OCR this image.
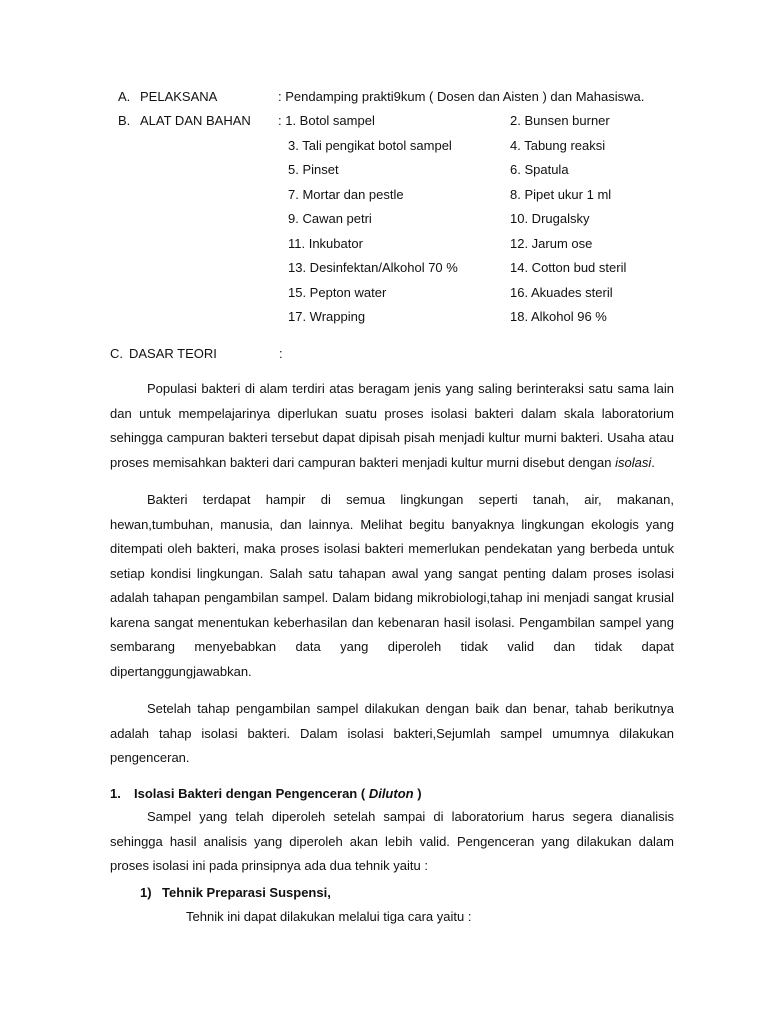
A. PELAKSANA	: Pendamping prakti9kum ( Dosen dan Aisten ) dan Mahasiswa.
B. ALAT DAN BAHAN : 1. Botol sampel	2. Bunsen burner
3. Tali pengikat botol sampel	4. Tabung reaksi
5. Pinset	6. Spatula
7. Mortar dan pestle	8. Pipet ukur 1 ml
9. Cawan petri	10. Drugalsky
11. Inkubator	12. Jarum ose
13. Desinfektan/Alkohol 70 %	14. Cotton bud steril
15. Pepton water	16. Akuades steril
17. Wrapping	18. Alkohol 96 %
C. DASAR TEORI	:

Populasi bakteri di alam terdiri atas beragam jenis yang saling berinteraksi satu sama lain dan untuk mempelajarinya diperlukan suatu proses isolasi bakteri dalam skala laboratorium sehingga campuran bakteri tersebut dapat dipisah pisah menjadi kultur murni bakteri. Usaha atau proses memisahkan bakteri dari campuran bakteri menjadi kultur murni disebut dengan isolasi.

Bakteri terdapat hampir di semua lingkungan seperti tanah, air, makanan, hewan,tumbuhan, manusia, dan lainnya. Melihat begitu banyaknya lingkungan ekologis yang ditempati oleh bakteri, maka proses isolasi bakteri memerlukan pendekatan yang berbeda untuk setiap kondisi lingkungan. Salah satu tahapan awal yang sangat penting dalam proses isolasi adalah tahapan pengambilan sampel. Dalam bidang mikrobiologi,tahap ini menjadi sangat krusial karena sangat menentukan keberhasilan dan kebenaran hasil isolasi. Pengambilan sampel yang sembarang menyebabkan data yang diperoleh tidak valid dan tidak dapat dipertanggungjawabkan.

Setelah tahap pengambilan sampel dilakukan dengan baik dan benar, tahab berikutnya adalah tahap isolasi bakteri. Dalam isolasi bakteri,Sejumlah sampel umumnya dilakukan pengenceran.

1. Isolasi Bakteri dengan Pengenceran ( Diluton )

Sampel yang telah diperoleh setelah sampai di laboratorium harus segera dianalisis sehingga hasil analisis yang diperoleh akan lebih valid. Pengenceran yang dilakukan dalam proses isolasi ini pada prinsipnya ada dua tehnik yaitu :

1) Tehnik Preparasi Suspensi,
Tehnik ini dapat dilakukan melalui tiga cara yaitu :
